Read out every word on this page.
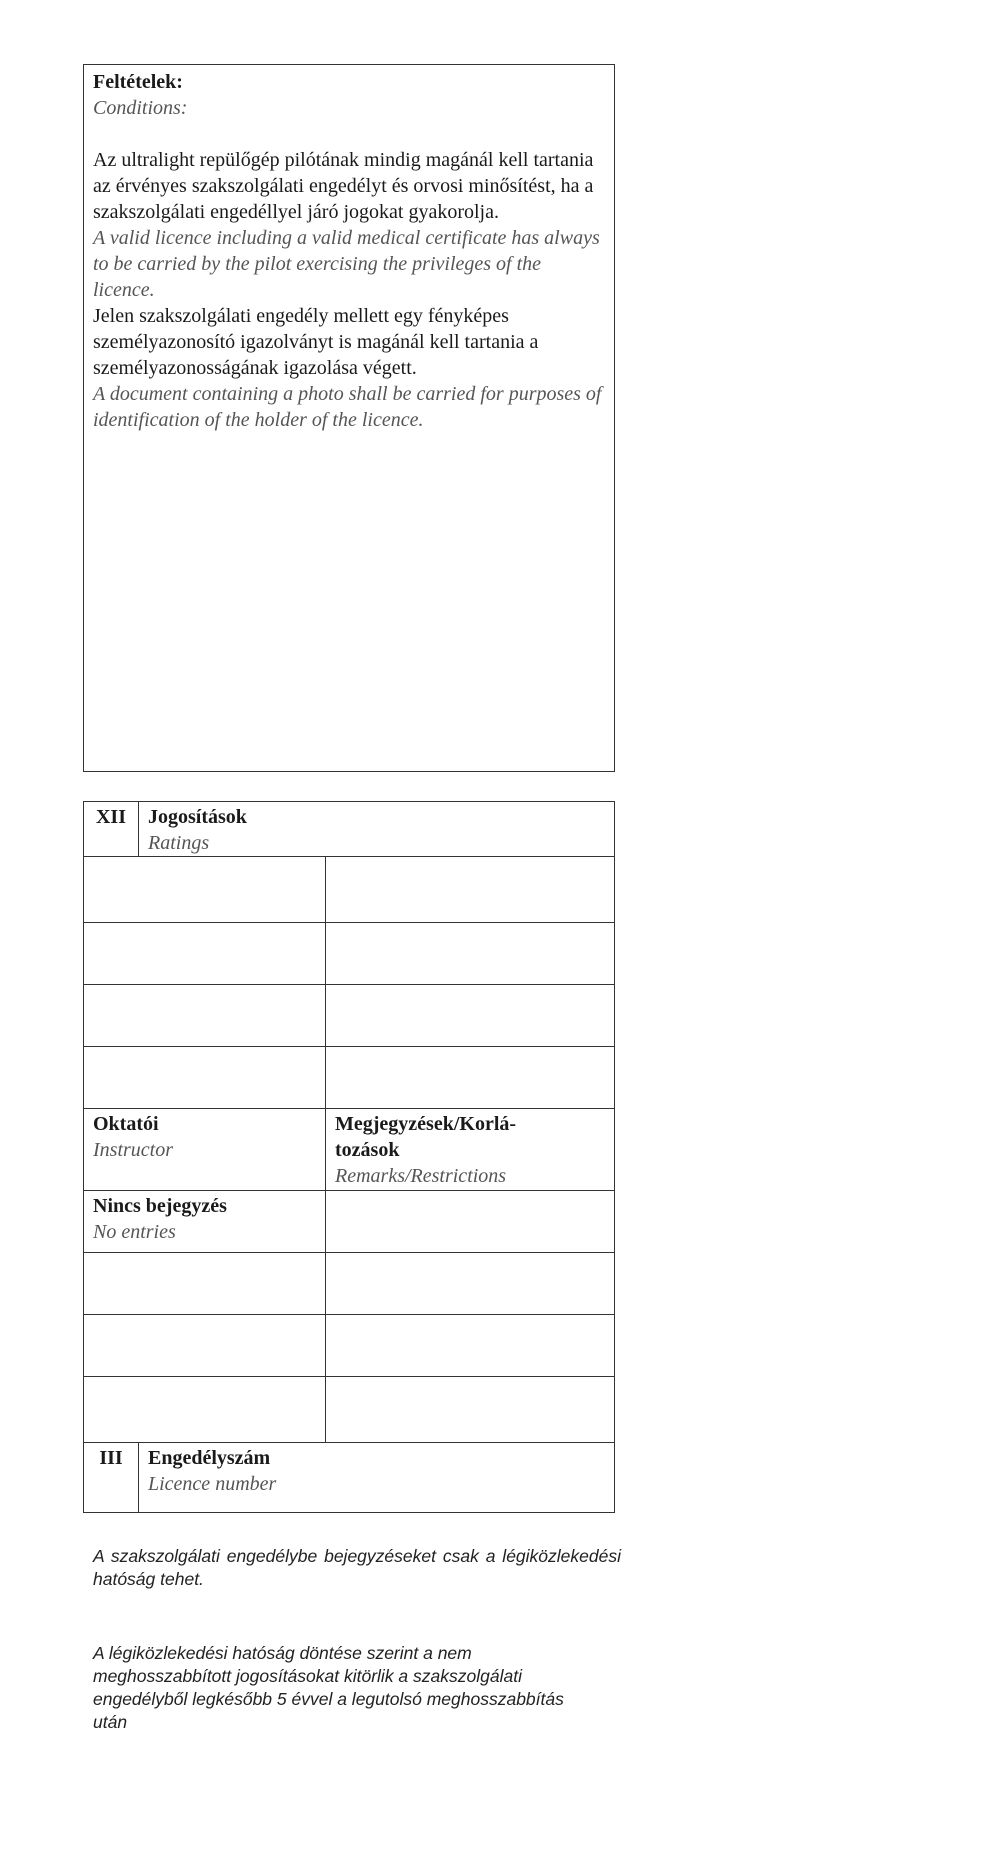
Feltételek:
Conditions:
Az ultralight repülőgép pilótának mindig magánál kell tartania az érvényes szakszolgálati engedélyt és orvosi minősítést, ha a szakszolgálati engedéllyel járó jogokat gyakorolja.
A valid licence including a valid medical certificate has always to be carried by the pilot exercising the privileges of the licence.
Jelen szakszolgálati engedély mellett egy fényképes személyazonosító igazolványt is magánál kell tartania a személyazonosságának igazolása végett.
A document containing a photo shall be carried for purposes of identification of the holder of the licence.
XII	Jogosítások
Ratings
Oktatói
Instructor
Megjegyzések/Korlá-tozások
Remarks/Restrictions
Nincs bejegyzés
No entries
III	Engedélyszám
Licence number
A szakszolgálati engedélybe bejegyzéseket csak a légiközlekedési hatóság tehet.
A légiközlekedési hatóság döntése szerint a nem meghosszabbított jogosításokat kitörlik a szakszolgálati engedélyből legkésőbb 5 évvel a legutolsó meghosszabbítás után
